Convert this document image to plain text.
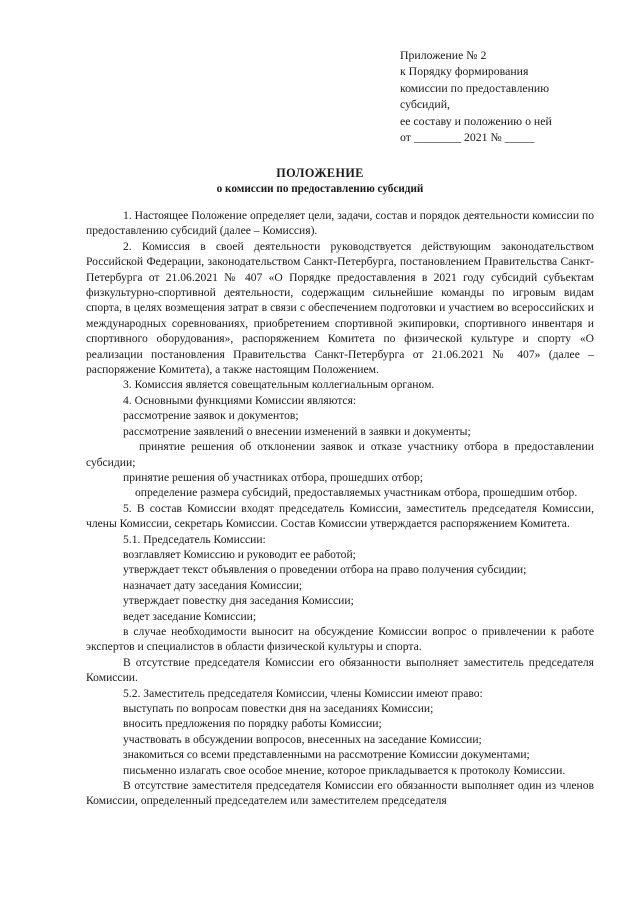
Приложение № 2
к Порядку формирования
комиссии по предоставлению
субсидий,
ее составу и положению о ней
от ________ 2021 № _____
ПОЛОЖЕНИЕ
о комиссии по предоставлению субсидий

1. Настоящее Положение определяет цели, задачи, состав и порядок деятельности комиссии по предоставлению субсидий (далее – Комиссия).

2. Комиссия в своей деятельности руководствуется действующим законодательством Российской Федерации, законодательством Санкт-Петербурга, постановлением Правительства Санкт-Петербурга от 21.06.2021 № 407 «О Порядке предоставления в 2021 году субсидий субъектам физкультурно-спортивной деятельности, содержащим сильнейшие команды по игровым видам спорта, в целях возмещения затрат в связи с обеспечением подготовки и участием во всероссийских и международных соревнованиях, приобретением спортивной экипировки, спортивного инвентаря и спортивного оборудования», распоряжением Комитета по физической культуре и спорту «О реализации постановления Правительства Санкт-Петербурга от 21.06.2021 № 407» (далее – распоряжение Комитета), а также настоящим Положением.

3. Комиссия является совещательным коллегиальным органом.

4. Основными функциями Комиссии являются:

рассмотрение заявок и документов;

рассмотрение заявлений о внесении изменений в заявки и документы;

принятие решения об отклонении заявок и отказе участнику отбора в предоставлении субсидии;

принятие решения об участниках отбора, прошедших отбор;

определение размера субсидий, предоставляемых участникам отбора, прошедшим отбор.

5. В состав Комиссии входят председатель Комиссии, заместитель председателя Комиссии, члены Комиссии, секретарь Комиссии. Состав Комиссии утверждается распоряжением Комитета.

5.1. Председатель Комиссии:

возглавляет Комиссию и руководит ее работой;

утверждает текст объявления о проведении отбора на право получения субсидии;

назначает дату заседания Комиссии;

утверждает повестку дня заседания Комиссии;

ведет заседание Комиссии;

в случае необходимости выносит на обсуждение Комиссии вопрос о привлечении к работе экспертов и специалистов в области физической культуры и спорта.

В отсутствие председателя Комиссии его обязанности выполняет заместитель председателя Комиссии.

5.2. Заместитель председателя Комиссии, члены Комиссии имеют право:

выступать по вопросам повестки дня на заседаниях Комиссии;

вносить предложения по порядку работы Комиссии;

участвовать в обсуждении вопросов, внесенных на заседание Комиссии;

знакомиться со всеми представленными на рассмотрение Комиссии документами;

письменно излагать свое особое мнение, которое прикладывается к протоколу Комиссии.

В отсутствие заместителя председателя Комиссии его обязанности выполняет один из членов Комиссии, определенный председателем или заместителем председателя
